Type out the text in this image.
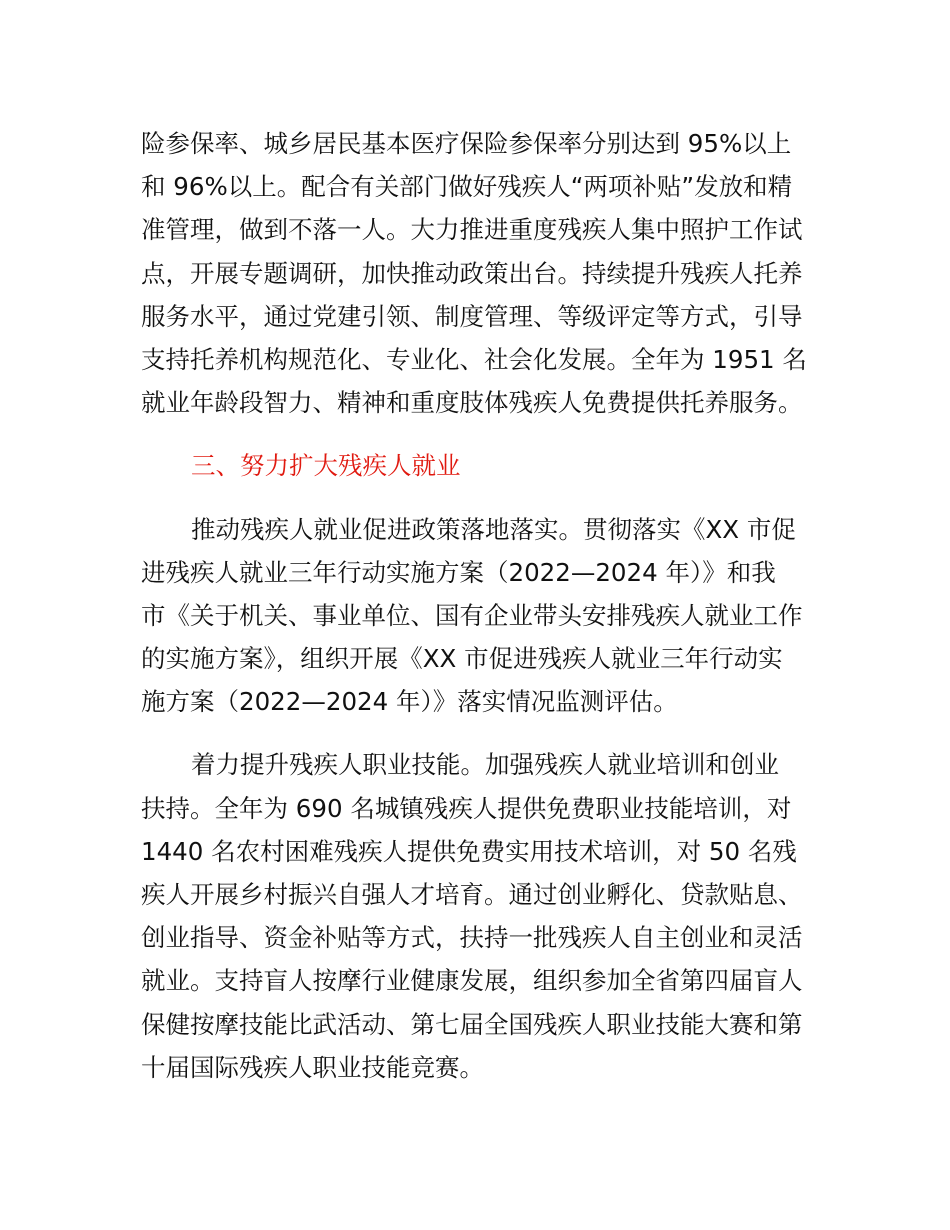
险参保率、城乡居民基本医疗保险参保率分别达到 95%以上
和 96%以上。配合有关部门做好残疾人“两项补贴”发放和精
准管理，做到不落一人。大力推进重度残疾人集中照护工作试
点，开展专题调研，加快推动政策出台。持续提升残疾人托养
服务水平，通过党建引领、制度管理、等级评定等方式，引导
支持托养机构规范化、专业化、社会化发展。全年为 1951 名
就业年龄段智力、精神和重度肢体残疾人免费提供托养服务。
三、努力扩大残疾人就业
推动残疾人就业促进政策落地落实。贯彻落实《XX 市促
进残疾人就业三年行动实施方案（2022—2024 年）》和我
市《关于机关、事业单位、国有企业带头安排残疾人就业工作
的实施方案》，组织开展《XX 市促进残疾人就业三年行动实
施方案（2022—2024 年）》落实情况监测评估。
着力提升残疾人职业技能。加强残疾人就业培训和创业
扶持。全年为 690 名城镇残疾人提供免费职业技能培训，对
1440 名农村困难残疾人提供免费实用技术培训，对 50 名残
疾人开展乡村振兴自强人才培育。通过创业孵化、贷款贴息、
创业指导、资金补贴等方式，扶持一批残疾人自主创业和灵活
就业。支持盲人按摩行业健康发展，组织参加全省第四届盲人
保健按摩技能比武活动、第七届全国残疾人职业技能大赛和第
十届国际残疾人职业技能竞赛。
